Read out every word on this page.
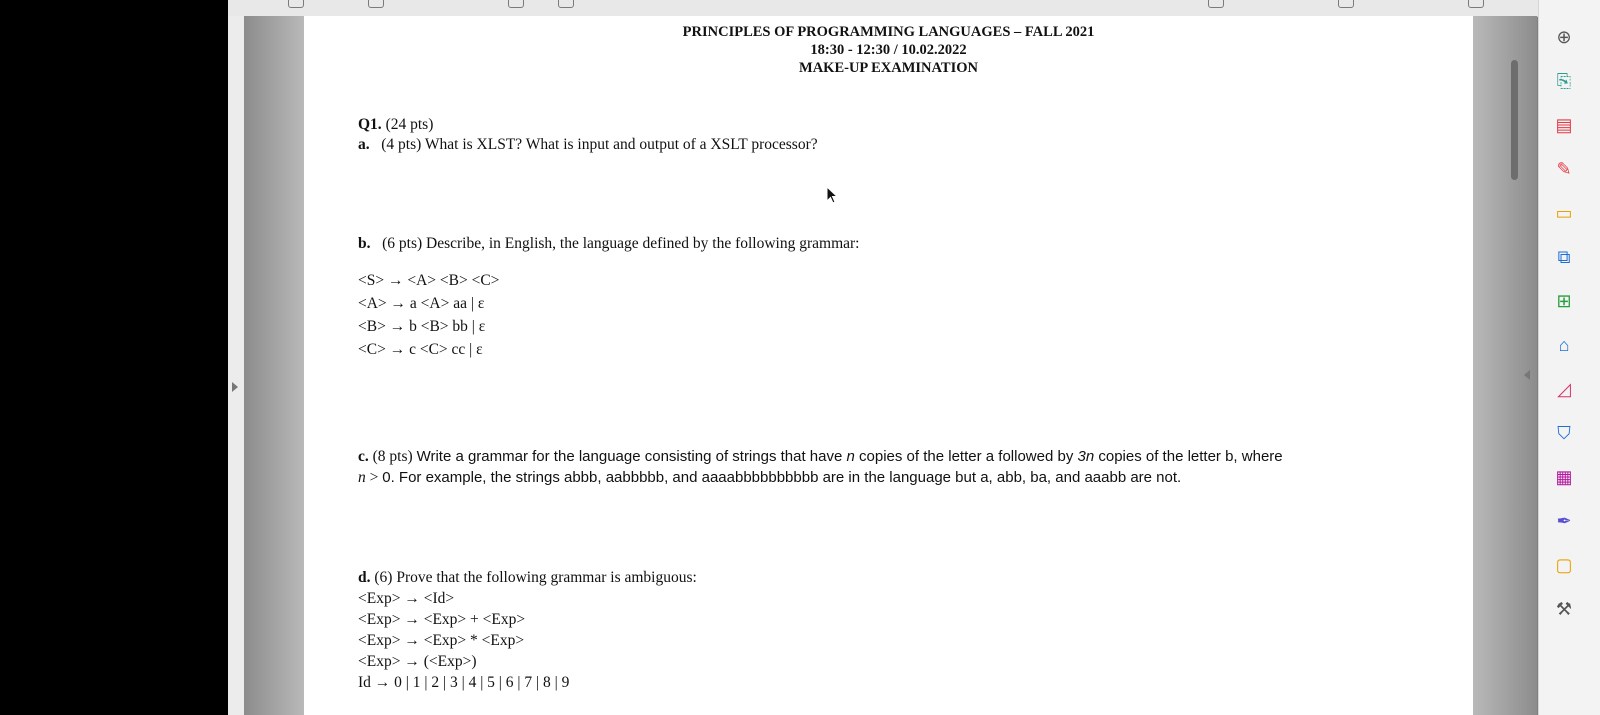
PRINCIPLES OF PROGRAMMING LANGUAGES – FALL 2021
18:30 - 12:30 / 10.02.2022
MAKE-UP EXAMINATION
Q1. (24 pts)
a. (4 pts) What is XLST? What is input and output of a XSLT processor?
b. (6 pts) Describe, in English, the language defined by the following grammar:
<S> → <A> <B> <C>
<A> → a <A> aa | ε
<B> → b <B> bb | ε
<C> → c <C> cc | ε
c. (8 pts) Write a grammar for the language consisting of strings that have n copies of the letter a followed by 3n copies of the letter b, where
n > 0. For example, the strings abbb, aabbbbb, and aaaabbbbbbbbbb are in the language but a, abb, ba, and aaabb are not.
d. (6) Prove that the following grammar is ambiguous:
<Exp> → <Id>
<Exp> → <Exp> + <Exp>
<Exp> → <Exp> * <Exp>
<Exp> → (<Exp>)
Id → 0 | 1 | 2 | 3 | 4 | 5 | 6 | 7 | 8 | 9
⊕
⎘
▤
✎
▭
⧉
⊞
⌂
◿
⛉
▦
✒
▢
⚒
